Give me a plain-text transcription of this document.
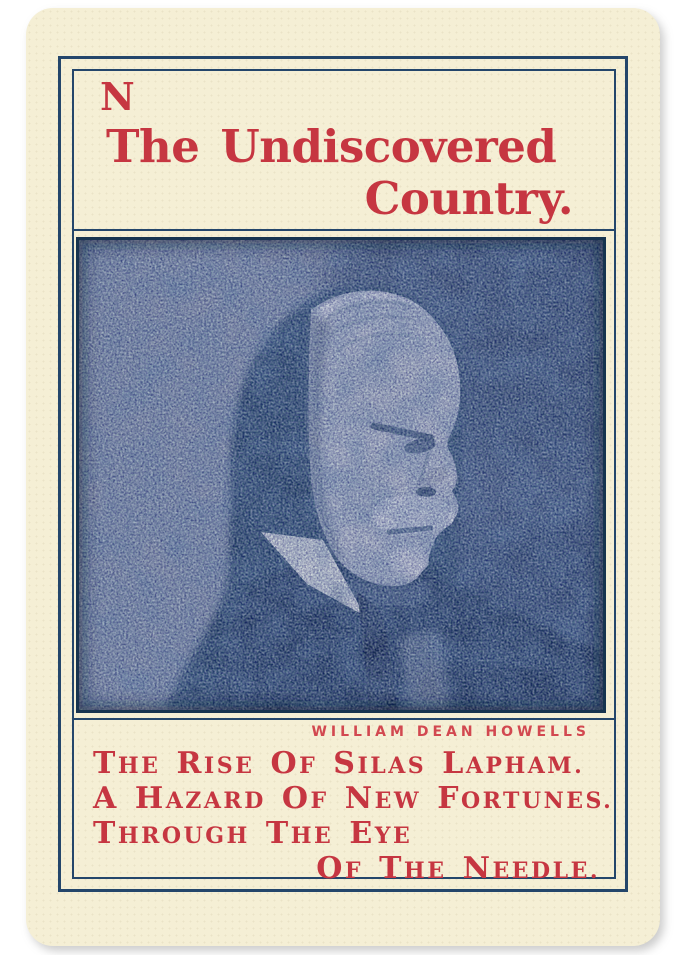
N
The Undiscovered
Country.
WILLIAM DEAN HOWELLS
THE RISE OF SILAS LAPHAM.
A HAZARD OF NEW FORTUNES.
THROUGH THE EYE
OF THE NEEDLE.
